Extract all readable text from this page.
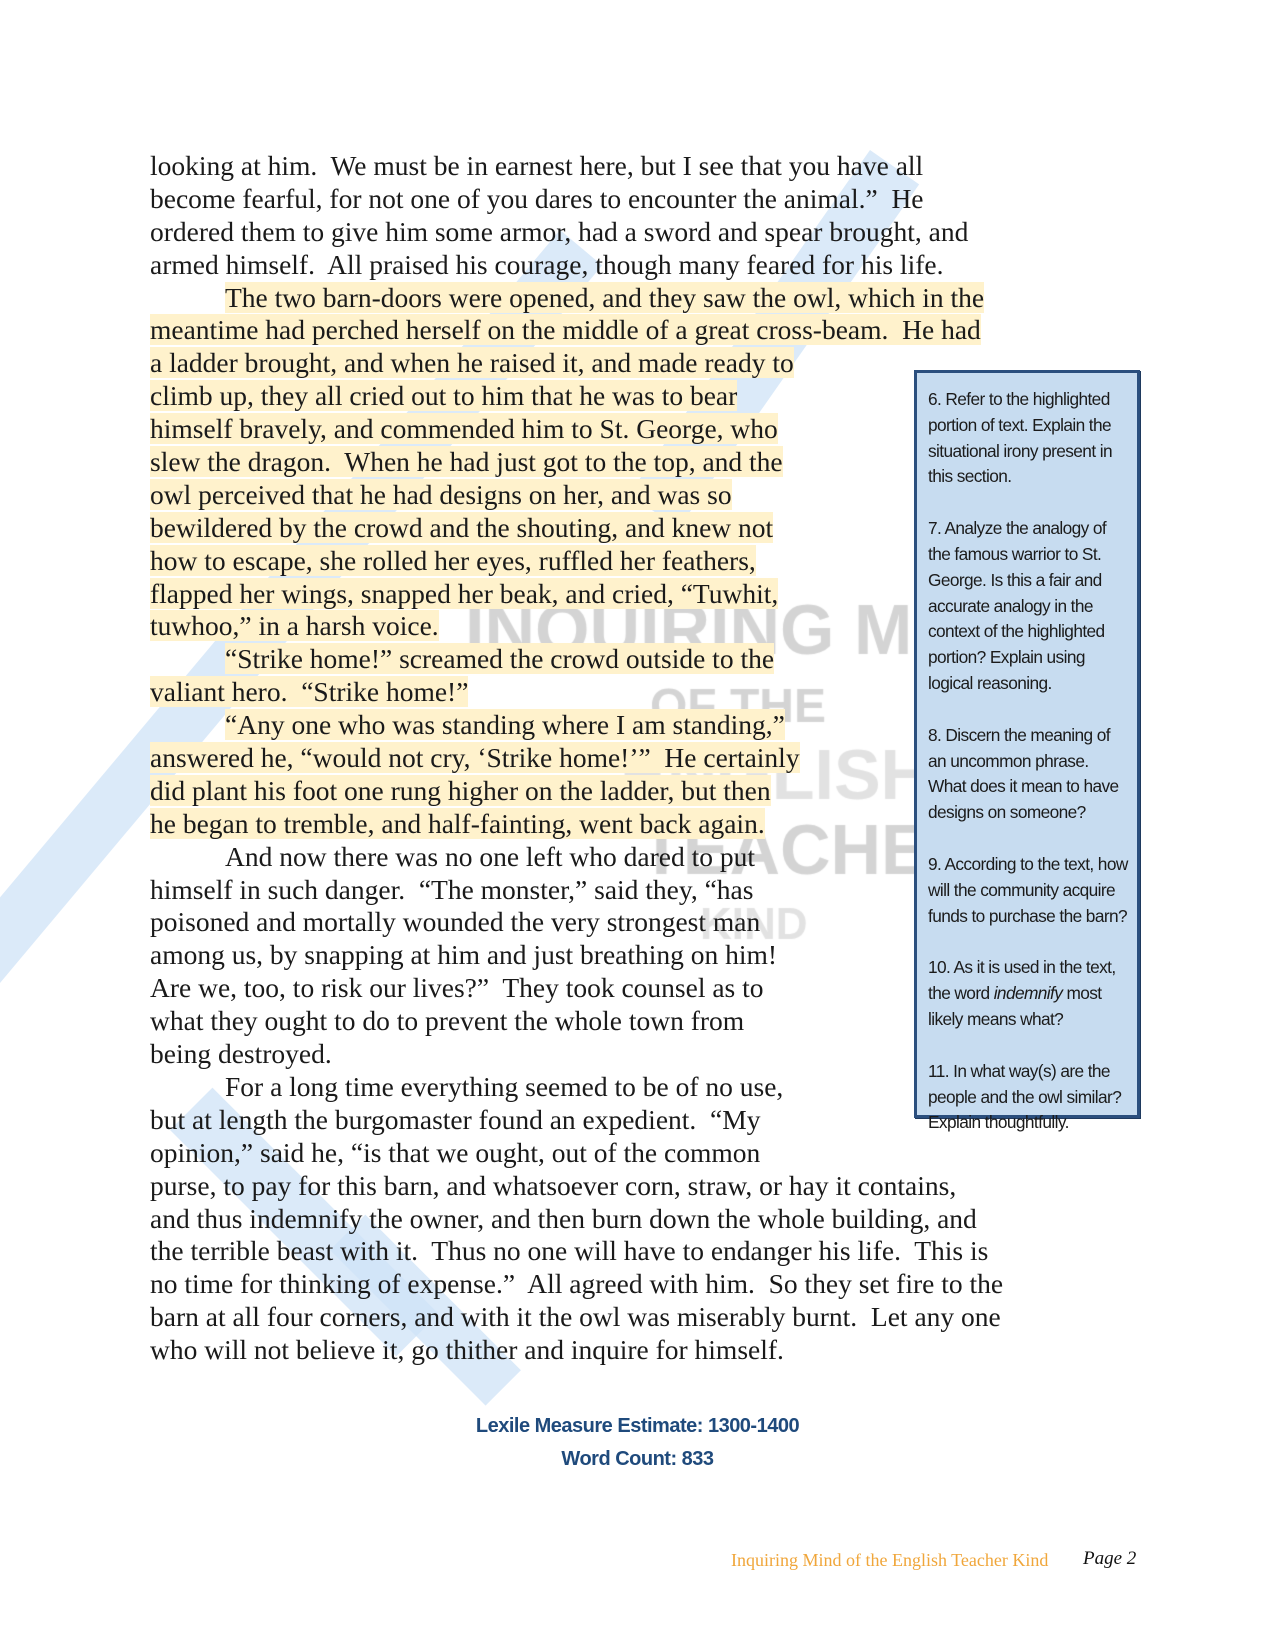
looking at him.  We must be in earnest here, but I see that you have all
become fearful, for not one of you dares to encounter the animal.”  He
ordered them to give him some armor, had a sword and spear brought, and
armed himself.  All praised his courage, though many feared for his life.
The two barn-doors were opened, and they saw the owl, which in the
meantime had perched herself on the middle of a great cross-beam.  He had
a ladder brought, and when he raised it, and made ready to
climb up, they all cried out to him that he was to bear
himself bravely, and commended him to St. George, who
slew the dragon.  When he had just got to the top, and the
owl perceived that he had designs on her, and was so
bewildered by the crowd and the shouting, and knew not
how to escape, she rolled her eyes, ruffled her feathers,
flapped her wings, snapped her beak, and cried, “Tuwhit,
tuwhoo,” in a harsh voice.
“Strike home!” screamed the crowd outside to the
valiant hero.  “Strike home!”
“Any one who was standing where I am standing,”
answered he, “would not cry, ‘Strike home!’”  He certainly
did plant his foot one rung higher on the ladder, but then
he began to tremble, and half-fainting, went back again.
And now there was no one left who dared to put
himself in such danger.  “The monster,” said they, “has
poisoned and mortally wounded the very strongest man
among us, by snapping at him and just breathing on him!
Are we, too, to risk our lives?”  They took counsel as to
what they ought to do to prevent the whole town from
being destroyed.
For a long time everything seemed to be of no use,
but at length the burgomaster found an expedient.  “My
opinion,” said he, “is that we ought, out of the common
purse, to pay for this barn, and whatsoever corn, straw, or hay it contains,
and thus indemnify the owner, and then burn down the whole building, and
the terrible beast with it.  Thus no one will have to endanger his life.  This is
no time for thinking of expense.”  All agreed with him.  So they set fire to the
barn at all four corners, and with it the owl was miserably burnt.  Let any one
who will not believe it, go thither and inquire for himself.
6. Refer to the highlighted portion of text. Explain the situational irony present in this section.
7. Analyze the analogy of the famous warrior to St. George. Is this a fair and accurate analogy in the context of the highlighted portion? Explain using logical reasoning.
8. Discern the meaning of an uncommon phrase. What does it mean to have designs on someone?
9. According to the text, how will the community acquire funds to purchase the barn?
10. As it is used in the text, the word indemnify most likely means what?
11. In what way(s) are the people and the owl similar? Explain thoughtfully.
Lexile Measure Estimate: 1300-1400
Word Count: 833
Inquiring Mind of the English Teacher Kind Page 2
